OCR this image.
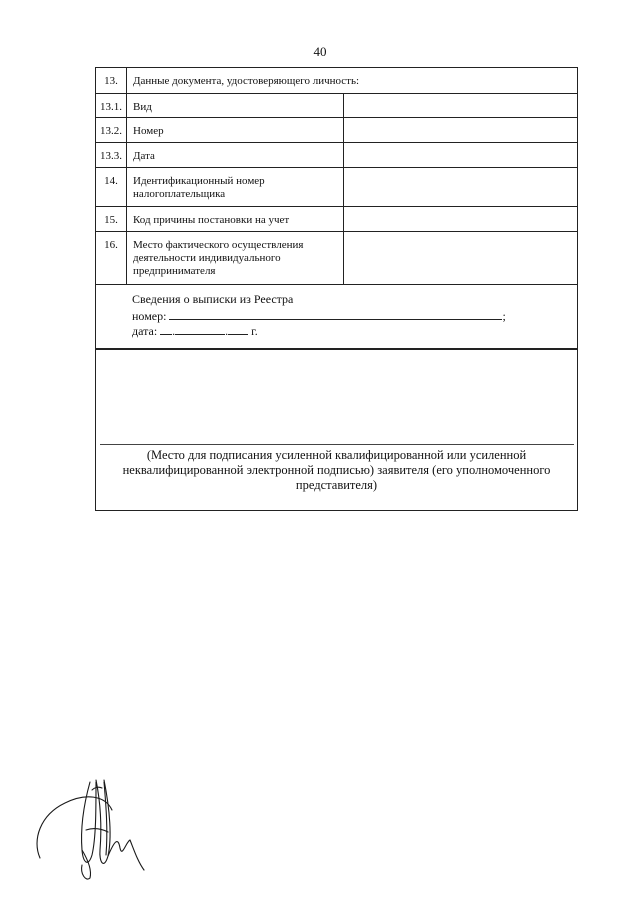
40
13.	Данные документа, удостоверяющего личность:
13.1.	Вид
13.2.	Номер
13.3.	Дата
14.	Идентификационный номер налогоплательщика
15.	Код причины постановки на учет
16.	Место фактического осуществления деятельности индивидуального предпринимателя
Сведения о выписки из Реестра
номер:	;
дата: .	. г.
(Место для подписания усиленной квалифицированной или усиленной неквалифицированной электронной подписью) заявителя (его уполномоченного представителя)
